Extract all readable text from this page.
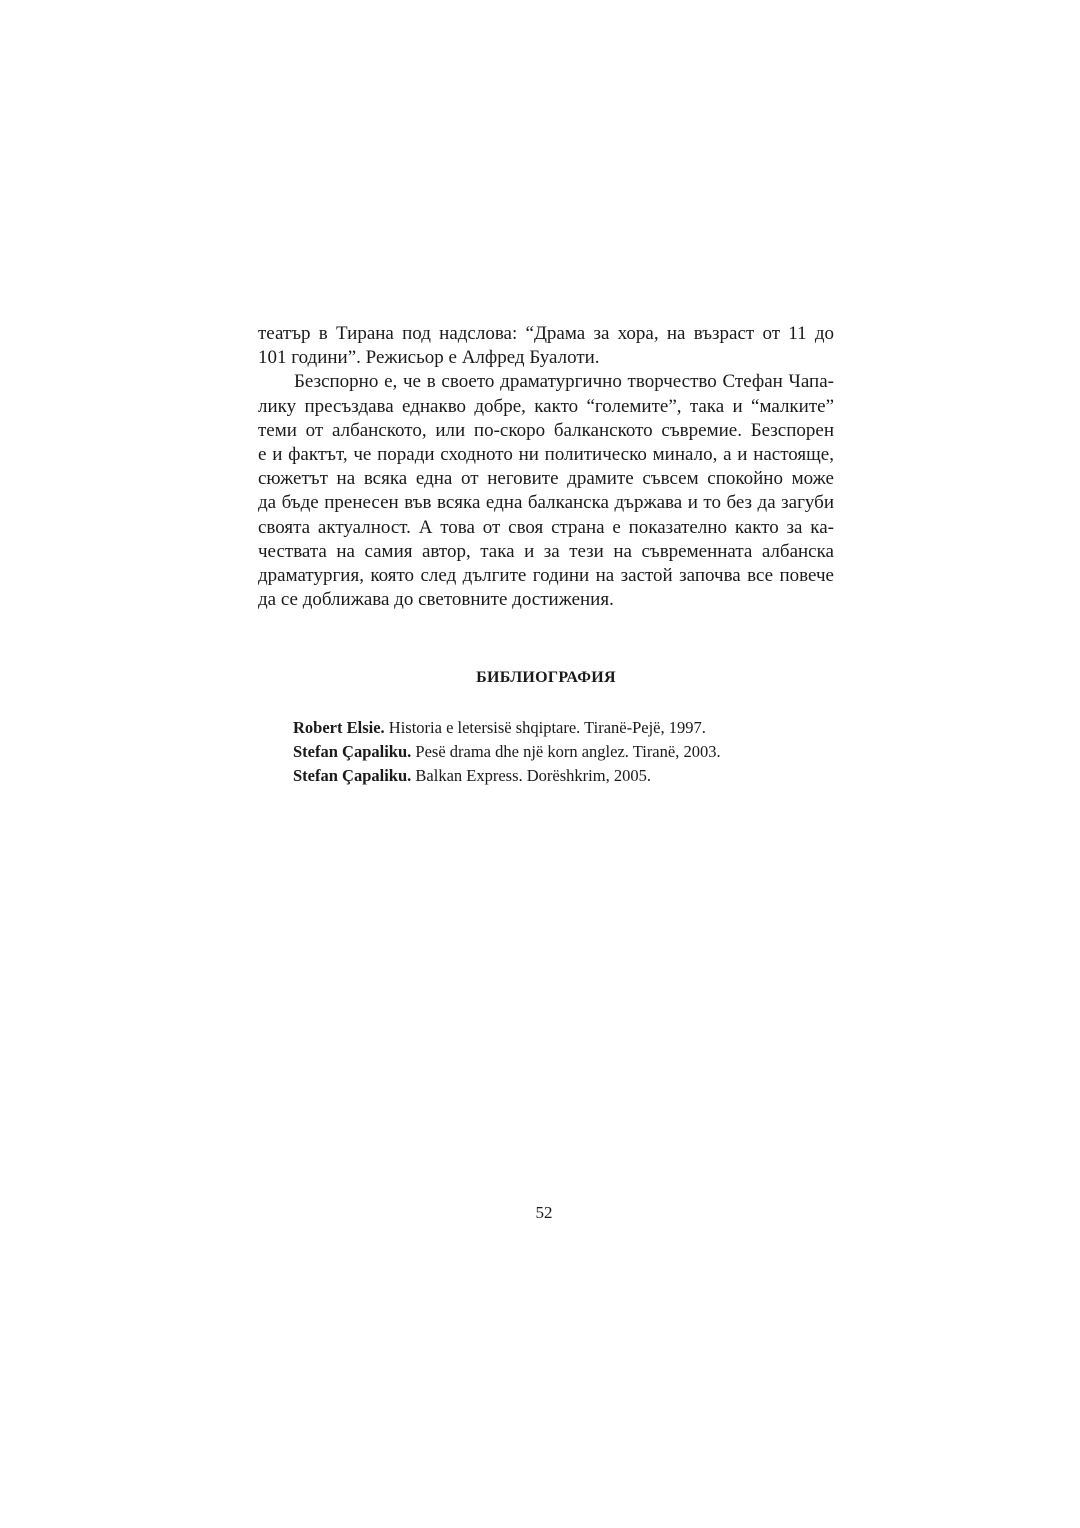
театър в Тирана под надслова: “Драма за хора, на възраст от 11 до
101 години”. Режисьор е Алфред Буалоти.
Безспорно е, че в своето драматургично творчество Стефан Чапа-
лику пресъздава еднакво добре, както “големите”, така и “малките”
теми от албанското, или по-скоро балканското съвремие. Безспорен
е и фактът, че поради сходното ни политическо минало, а и настояще,
сюжетът на всяка една от неговите драмите съвсем спокойно може
да бъде пренесен във всяка една балканска държава и то без да загуби
своята актуалност. А това от своя страна е показателно както за ка-
чествата на самия автор, така и за тези на съвременната албанска
драматургия, която след дългите години на застой започва все повече
да се доближава до световните достижения.
БИБЛИОГРАФИЯ
Robert Elsie. Historia e letersisë shqiptare. Tiranë-Pejë, 1997.
Stefan Çapaliku. Pesë drama dhe një korn anglez. Tiranë, 2003.
Stefan Çapaliku. Balkan Express. Dorëshkrim, 2005.
52
